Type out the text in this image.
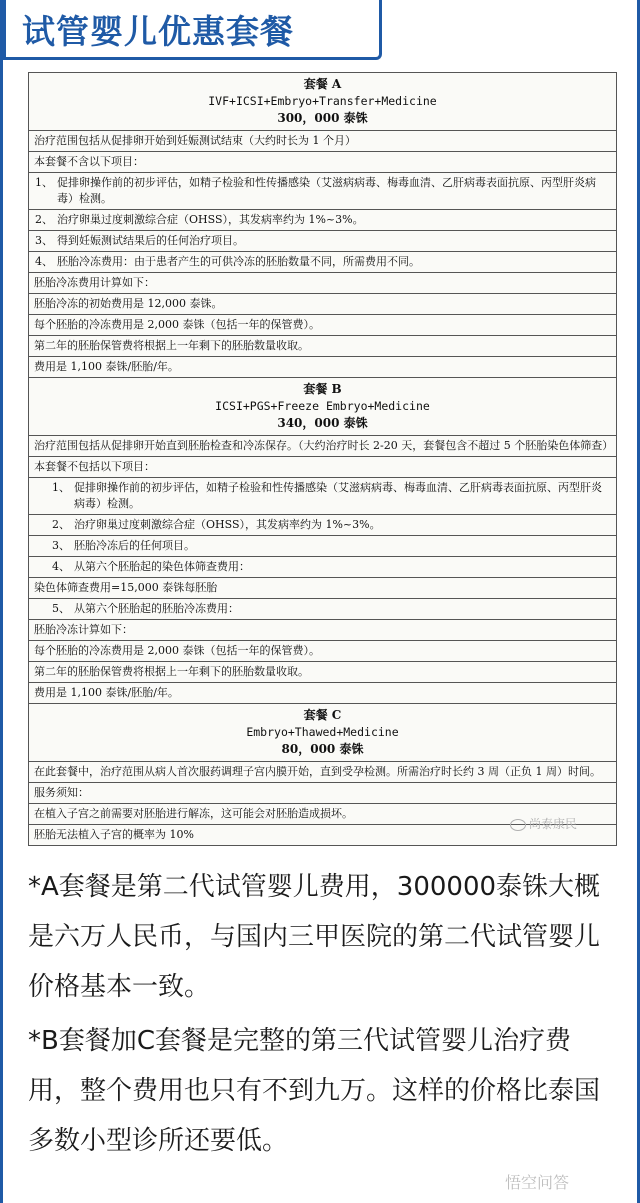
试管婴儿优惠套餐
套餐 A
IVF+ICSI+Embryo+Transfer+Medicine
300，000 泰铢
治疗范围包括从促排卵开始到妊娠测试结束（大约时长为 1 个月）
本套餐不含以下项目：
1、 促排卵操作前的初步评估，如精子检验和性传播感染（艾滋病病毒、梅毒血清、乙肝病毒表面抗原、丙型肝炎病毒）检测。
2、 治疗卵巢过度刺激综合症（OHSS），其发病率约为 1%~3%。
3、 得到妊娠测试结果后的任何治疗项目。
4、 胚胎冷冻费用：由于患者产生的可供冷冻的胚胎数量不同，所需费用不同。
胚胎冷冻费用计算如下：
胚胎冷冻的初始费用是 12,000 泰铢。
每个胚胎的冷冻费用是 2,000 泰铢（包括一年的保管费）。
第二年的胚胎保管费将根据上一年剩下的胚胎数量收取。
费用是 1,100 泰铢/胚胎/年。
套餐 B
ICSI+PGS+Freeze Embryo+Medicine
340，000 泰铢
治疗范围包括从促排卵开始直到胚胎检查和冷冻保存。（大约治疗时长 2-20 天，套餐包含不超过 5 个胚胎染色体筛查）
本套餐不包括以下项目：
1、 促排卵操作前的初步评估，如精子检验和性传播感染（艾滋病病毒、梅毒血清、乙肝病毒表面抗原、丙型肝炎病毒）检测。
2、 治疗卵巢过度刺激综合症（OHSS），其发病率约为 1%~3%。
3、 胚胎冷冻后的任何项目。
4、 从第六个胚胎起的染色体筛查费用：
染色体筛查费用=15,000 泰铢每胚胎
5、 从第六个胚胎起的胚胎冷冻费用：
胚胎冷冻计算如下：
每个胚胎的冷冻费用是 2,000 泰铢（包括一年的保管费）。
第二年的胚胎保管费将根据上一年剩下的胚胎数量收取。
费用是 1,100 泰铢/胚胎/年。
套餐 C
Embryo+Thawed+Medicine
80，000 泰铢
在此套餐中，治疗范围从病人首次服药调理子宫内膜开始，直到受孕检测。所需治疗时长约 3 周（正负 1 周）时间。
服务须知：
在植入子宫之前需要对胚胎进行解冻，这可能会对胚胎造成损坏。
胚胎无法植入子宫的概率为 10%
尚泰康民

*A套餐是第二代试管婴儿费用，300000泰铢大概是六万人民币，与国内三甲医院的第二代试管婴儿价格基本一致。

*B套餐加C套餐是完整的第三代试管婴儿治疗费用，整个费用也只有不到九万。这样的价格比泰国多数小型诊所还要低。

悟空问答
